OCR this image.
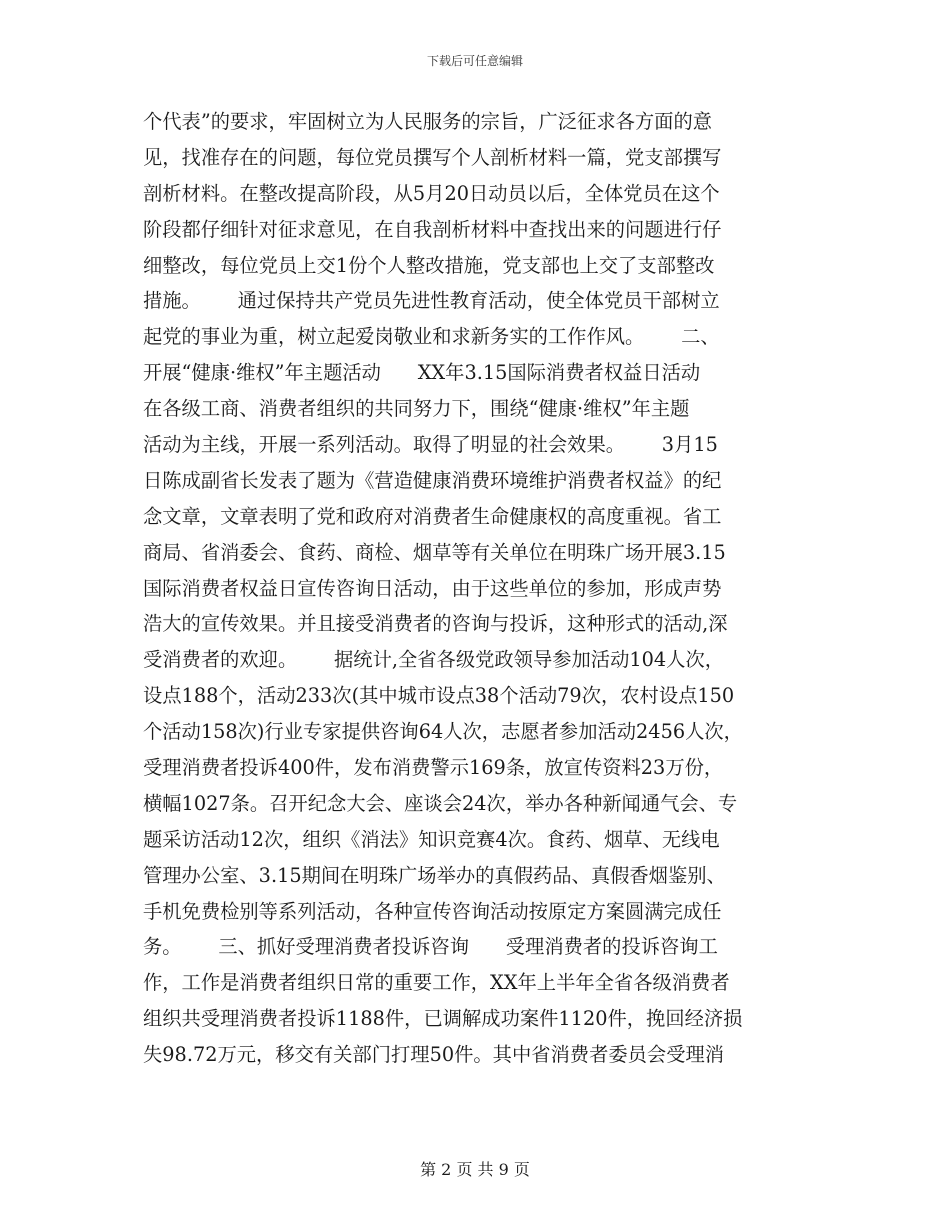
下载后可任意编辑
个代表”的要求，牢固树立为人民服务的宗旨，广泛征求各方面的意
见，找准存在的问题，每位党员撰写个人剖析材料一篇，党支部撰写
剖析材料。在整改提高阶段，从5月20日动员以后，全体党员在这个
阶段都仔细针对征求意见，在自我剖析材料中查找出来的问题进行仔
细整改，每位党员上交1份个人整改措施，党支部也上交了支部整改
措施。      通过保持共产党员先进性教育活动，使全体党员干部树立
起党的事业为重，树立起爱岗敬业和求新务实的工作作风。      二、
开展“健康·维权”年主题活动      XX年3.15国际消费者权益日活动
在各级工商、消费者组织的共同努力下，围绕“健康·维权”年主题
活动为主线，开展一系列活动。取得了明显的社会效果。      3月15
日陈成副省长发表了题为《营造健康消费环境维护消费者权益》的纪
念文章，文章表明了党和政府对消费者生命健康权的高度重视。省工
商局、省消委会、食药、商检、烟草等有关单位在明珠广场开展3.15
国际消费者权益日宣传咨询日活动，由于这些单位的参加，形成声势
浩大的宣传效果。并且接受消费者的咨询与投诉，这种形式的活动,深
受消费者的欢迎。      据统计,全省各级党政领导参加活动104人次，
设点188个，活动233次(其中城市设点38个活动79次，农村设点150
个活动158次)行业专家提供咨询64人次，志愿者参加活动2456人次，
受理消费者投诉400件，发布消费警示169条，放宣传资料23万份，
横幅1027条。召开纪念大会、座谈会24次，举办各种新闻通气会、专
题采访活动12次，组织《消法》知识竞赛4次。食药、烟草、无线电
管理办公室、3.15期间在明珠广场举办的真假药品、真假香烟鉴别、
手机免费检别等系列活动，各种宣传咨询活动按原定方案圆满完成任
务。      三、抓好受理消费者投诉咨询      受理消费者的投诉咨询工
作，工作是消费者组织日常的重要工作，XX年上半年全省各级消费者
组织共受理消费者投诉1188件，已调解成功案件1120件，挽回经济损
失98.72万元，移交有关部门打理50件。其中省消费者委员会受理消
第 2 页 共 9 页
